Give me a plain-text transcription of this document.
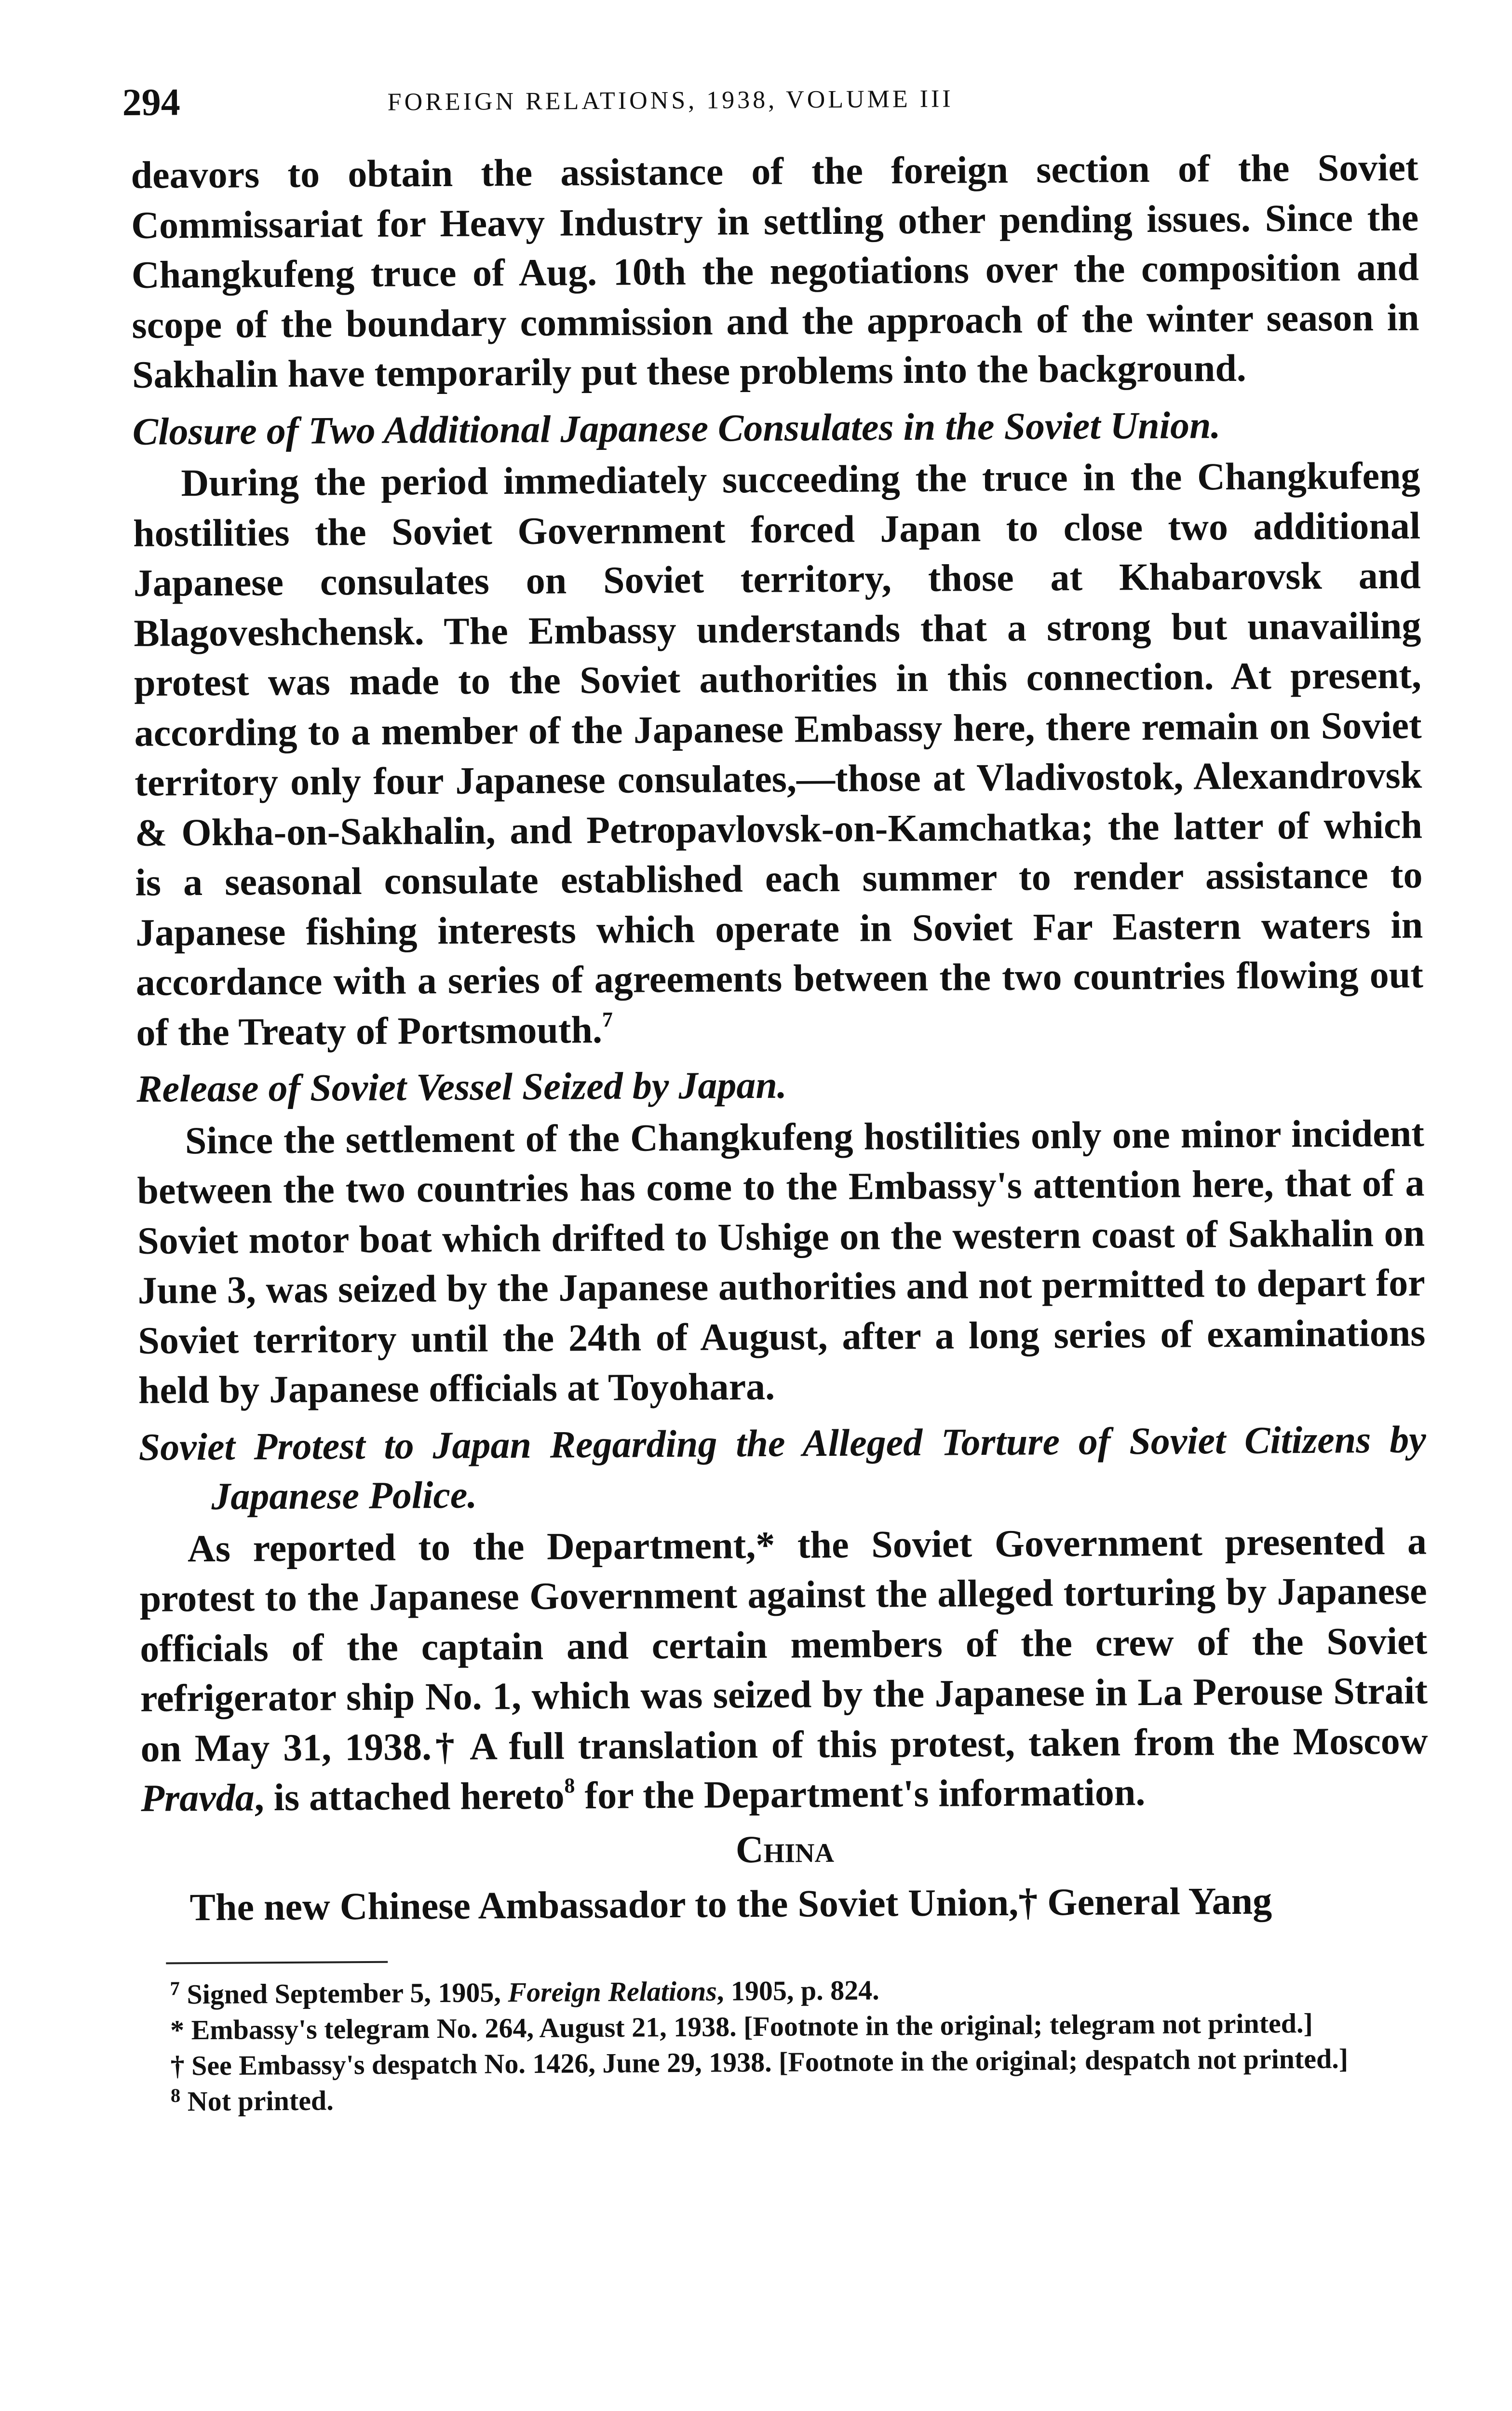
294	FOREIGN RELATIONS, 1938, VOLUME III

deavors to obtain the assistance of the foreign section of the Soviet Commissariat for Heavy Industry in settling other pending issues. Since the Changkufeng truce of Aug. 10th the negotiations over the composition and scope of the boundary commission and the approach of the winter season in Sakhalin have temporarily put these problems into the background.

Closure of Two Additional Japanese Consulates in the Soviet Union.

During the period immediately succeeding the truce in the Changkufeng hostilities the Soviet Government forced Japan to close two additional Japanese consulates on Soviet territory, those at Khabarovsk and Blagoveshchensk. The Embassy understands that a strong but unavailing protest was made to the Soviet authorities in this connection. At present, according to a member of the Japanese Embassy here, there remain on Soviet territory only four Japanese consulates,—those at Vladivostok, Alexandrovsk & Okha-on-Sakhalin, and Petropavlovsk-on-Kamchatka; the latter of which is a seasonal consulate established each summer to render assistance to Japanese fishing interests which operate in Soviet Far Eastern waters in accordance with a series of agreements between the two countries flowing out of the Treaty of Portsmouth.$^7$

Release of Soviet Vessel Seized by Japan.

Since the settlement of the Changkufeng hostilities only one minor incident between the two countries has come to the Embassy's attention here, that of a Soviet motor boat which drifted to Ushige on the western coast of Sakhalin on June 3, was seized by the Japanese authorities and not permitted to depart for Soviet territory until the 24th of August, after a long series of examinations held by Japanese officials at Toyohara.

Soviet Protest to Japan Regarding the Alleged Torture of Soviet Citizens by Japanese Police.

As reported to the Department,* the Soviet Government presented a protest to the Japanese Government against the alleged torturing by Japanese officials of the captain and certain members of the crew of the Soviet refrigerator ship No. 1, which was seized by the Japanese in La Perouse Strait on May 31, 1938.† A full translation of this protest, taken from the Moscow Pravda, is attached hereto$^8$ for the Department's information.

China

The new Chinese Ambassador to the Soviet Union,† General Yang

$^7$ Signed September 5, 1905, Foreign Relations, 1905, p. 824.

* Embassy's telegram No. 264, August 21, 1938. [Footnote in the original; telegram not printed.]

† See Embassy's despatch No. 1426, June 29, 1938. [Footnote in the original; despatch not printed.]

$^8$ Not printed.
